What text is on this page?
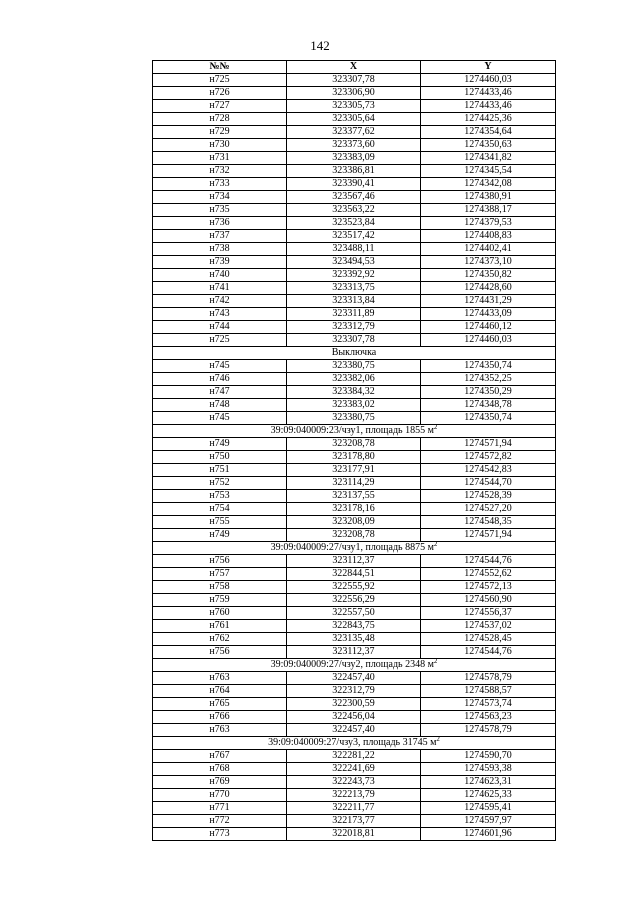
142
№№	X	Y
н725	323307,78	1274460,03
н726	323306,90	1274433,46
н727	323305,73	1274433,46
н728	323305,64	1274425,36
н729	323377,62	1274354,64
н730	323373,60	1274350,63
н731	323383,09	1274341,82
н732	323386,81	1274345,54
н733	323390,41	1274342,08
н734	323567,46	1274380,91
н735	323563,22	1274388,17
н736	323523,84	1274379,53
н737	323517,42	1274408,83
н738	323488,11	1274402,41
н739	323494,53	1274373,10
н740	323392,92	1274350,82
н741	323313,75	1274428,60
н742	323313,84	1274431,29
н743	323311,89	1274433,09
н744	323312,79	1274460,12
н725	323307,78	1274460,03
Выключка		
н745	323380,75	1274350,74
н746	323382,06	1274352,25
н747	323384,32	1274350,29
н748	323383,02	1274348,78
н745	323380,75	1274350,74
39:09:040009:23/чзу1, площадь 1855 $м^2$
н749	323208,78	1274571,94
н750	323178,80	1274572,82
н751	323177,91	1274542,83
н752	323114,29	1274544,70
н753	323137,55	1274528,39
н754	323178,16	1274527,20
н755	323208,09	1274548,35
н749	323208,78	1274571,94
39:09:040009:27/чзу1, площадь 8875 $м^2$
н756	323112,37	1274544,76
н757	322844,51	1274552,62
н758	322555,92	1274572,13
н759	322556,29	1274560,90
н760	322557,50	1274556,37
н761	322843,75	1274537,02
н762	323135,48	1274528,45
н756	323112,37	1274544,76
39:09:040009:27/чзу2, площадь 2348 $м^2$
н763	322457,40	1274578,79
н764	322312,79	1274588,57
н765	322300,59	1274573,74
н766	322456,04	1274563,23
н763	322457,40	1274578,79
39:09:040009:27/чзу3, площадь 31745 $м^2$
н767	322281,22	1274590,70
н768	322241,69	1274593,38
н769	322243,73	1274623,31
н770	322213,79	1274625,33
н771	322211,77	1274595,41
н772	322173,77	1274597,97
н773	322018,81	1274601,96
